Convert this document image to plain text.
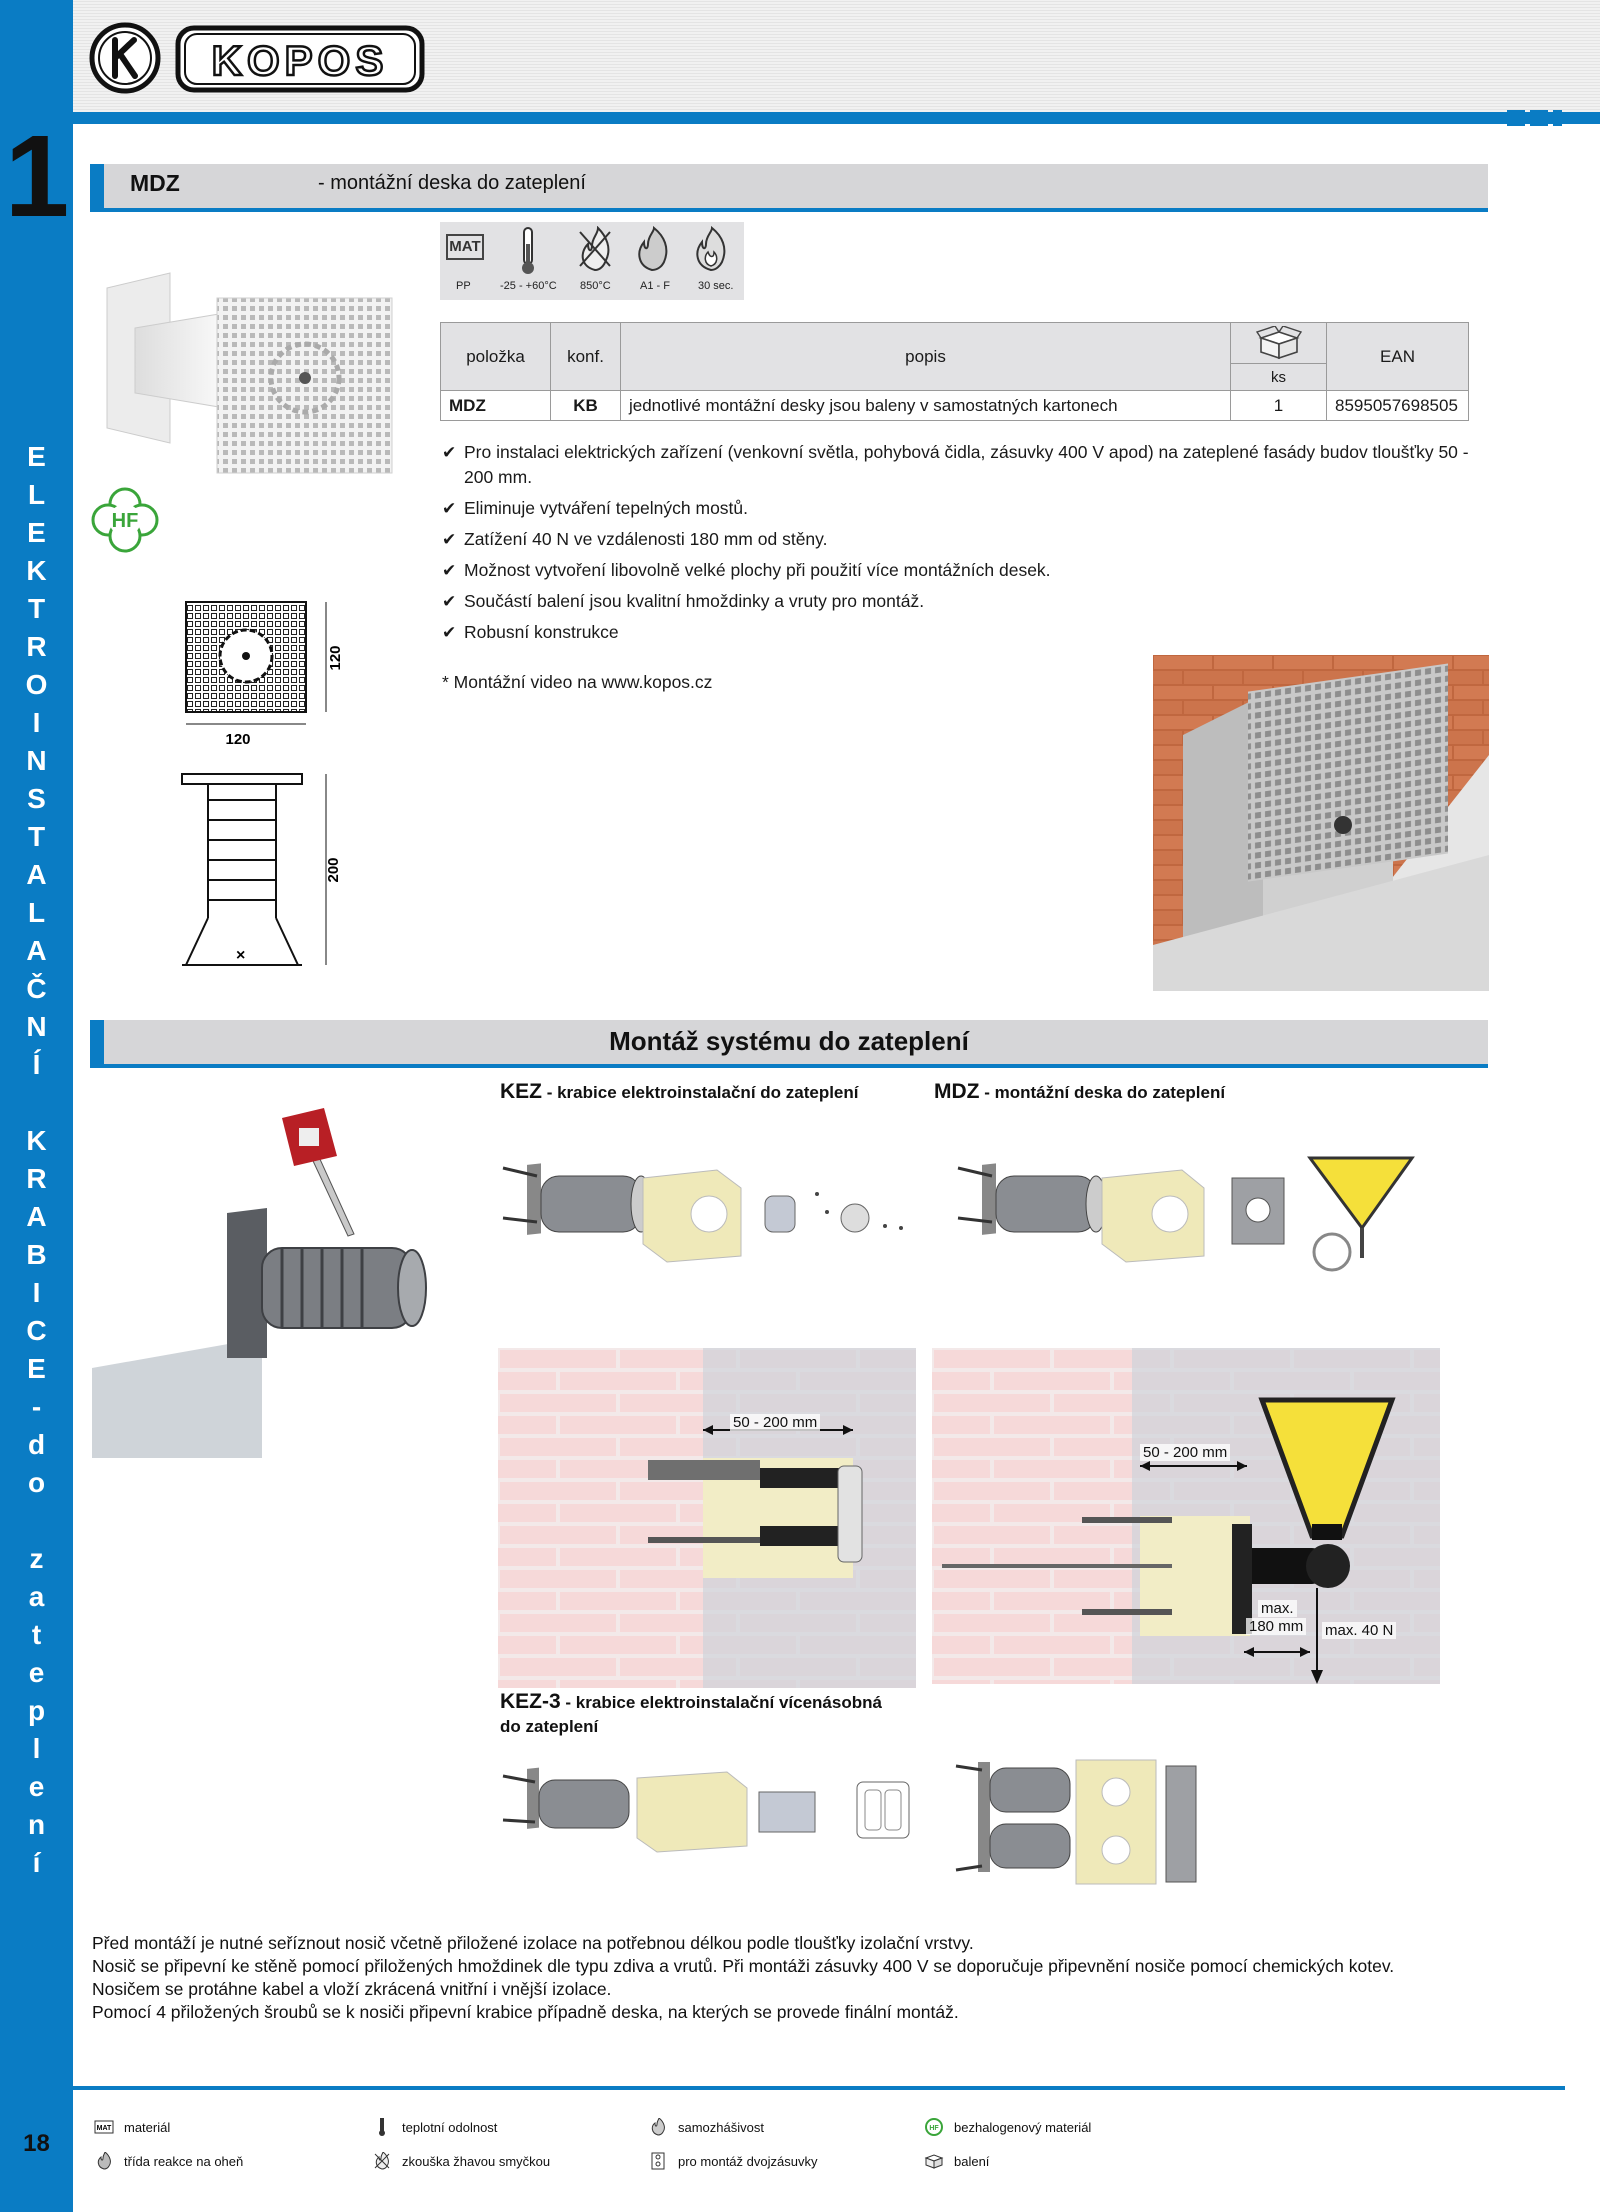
1
E
L
E
K
T
R
O
I
N
S
T
A
L
A
Č
N
Í
K
R
A
B
I
C
E
-
d
o
z
a
t
e
p
l
e
n
í
18
KOPOS
MDZ	- montážní deska do zateplení
HF
120
120
×
200
MAT
PP	-25 - +60°C 850°C	A1 - F	30 sec.
položka	konf.	popis		EAN
			ks	
MDZ	KB	jednotlivé montážní desky jsou baleny v samostatných kartonech	1	8595057698505
✔ Pro instalaci elektrických zařízení (venkovní světla, pohybová čidla, zásuvky 400 V apod) na zateplené fasády budov tloušťky 50 - 200 mm.
✔ Eliminuje vytváření tepelných mostů.
✔ Zatížení 40 N ve vzdálenosti 180 mm od stěny.
✔ Možnost vytvoření libovolně velké plochy při použití více montážních desek.
✔ Součástí balení jsou kvalitní hmoždinky a vruty pro montáž.
✔ Robusní konstrukce
* Montážní video na www.kopos.cz
Montáž systému do zateplení
KEZ - krabice elektroinstalační do zateplení	MDZ - montážní deska do zateplení
50 - 200 mm
50 - 200 mm
max.
180 mm max. 40 N
KEZ-3 - krabice elektroinstalační vícenásobná
do zateplení
Před montáží je nutné seříznout nosič včetně přiložené izolace na potřebnou délkou podle tloušťky izolační vrstvy.
Nosič se připevní ke stěně pomocí přiložených hmoždinek dle typu zdiva a vrutů. Při montáži zásuvky 400 V se doporučuje připevnění nosiče pomocí chemických kotev.
Nosičem se protáhne kabel a vloží zkrácená vnitřní i vnější izolace.
Pomocí 4 přiložených šroubů se k nosiči připevní krabice případně deska, na kterých se provede finální montáž.
MAT materiál	teplotní odolnost	samozhášivost	HF bezhalogenový materiál
třída reakce na oheň	zkouška žhavou smyčkou	pro montáž dvojzásuvky	balení
